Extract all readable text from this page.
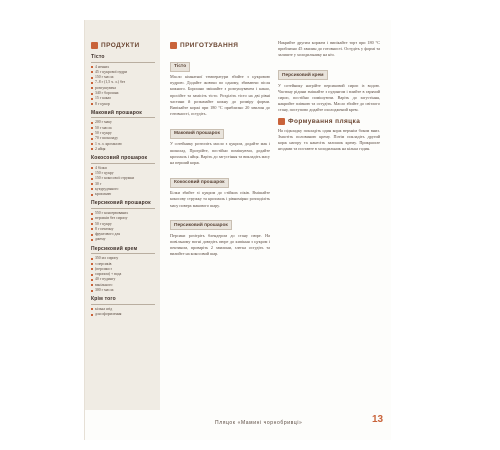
ПРОДУКТИ
Тісто
4 яєчних
45 г цукрової пудри
150 г масла
7–8 г (1,5 ч. л.) без
розпушувача
340 г борошна
15 г какао
8 г цукор
Маковий прошарок
200 г маку
50 г масла
50 г цукру
70 г шоколаду
1 ч. л. крохмалю
2 яйця
Кокосовий прошарок
4 білки
150 г цукру
150 г кокосової стружки
30 г
кукурудзяного
крохмалю
Персиковий прошарок
550 г консервованих
персиків без сиропу
50 г цукру
8 г пектину
фруктового для
джему
Персиковий крем
350 мл сиропу
з персиків
(персики з
сиропом) + вода
40 г пудингу
ванільного
300 г масла
Крім того
кілька ягід
для оформлення
ПРИГОТУВАННЯ
Тісто

Масло кімнатної температури збийте з цукровою пудрою. Додайте жовтки по одному, збиваючи після кожного. Борошно змішайте з розпушувачем і какао, просійте та замісіть тісто. Розділіть тісто на дві рівні частини й розкачайте кожну до розміру форми. Випікайте коржі при 180 °С приблизно 20 хвилин до готовності, остудіть.

Маковий прошарок

У сотейнику розтопіть масло з цукром, додайте мак і шоколад. Прогрійте, постійно помішуючи, додайте крохмаль і яйця. Варіть до загустіння та викладіть масу на перший корж.

Кокосовий прошарок

Білки збийте зі цукром до стійких піків. Вмішайте кокосову стружку та крохмаль і рівномірно розподіліть масу поверх макового шару.

Персиковий прошарок

Персики розітріть блендером до стану пюре. На повільному вогні доведіть пюре до кипіння з цукром і пектином, проваріть 2 хвилини, злегка остудіть та вилийте на кокосовий шар.

Накрийте другим коржем і випікайте торт при 180 °С приблизно 45 хвилин до готовності. Остудіть у формі та залиште у холодильнику на ніч.

Персиковий крем

У сотейнику нагрійте персиковий сироп із водою. Частину рідини змішайте з пудингом і влийте в гарячий сироп, постійно помішуючи. Варіть до загустіння, накрийте плівкою та остудіть. Масло збийте до світлого стану, поступово додайте охолоджений крем.

Формування пляцка

На підкладку покладіть один корж верхнім боком вниз. Змастіть половиною крему. Потім покладіть другий корж нагору та нанесіть залишок крему. Прикрасьте ягодами та поставте в холодильник на кілька годин.

Пляцок «Мамині чорнобривці»	13
